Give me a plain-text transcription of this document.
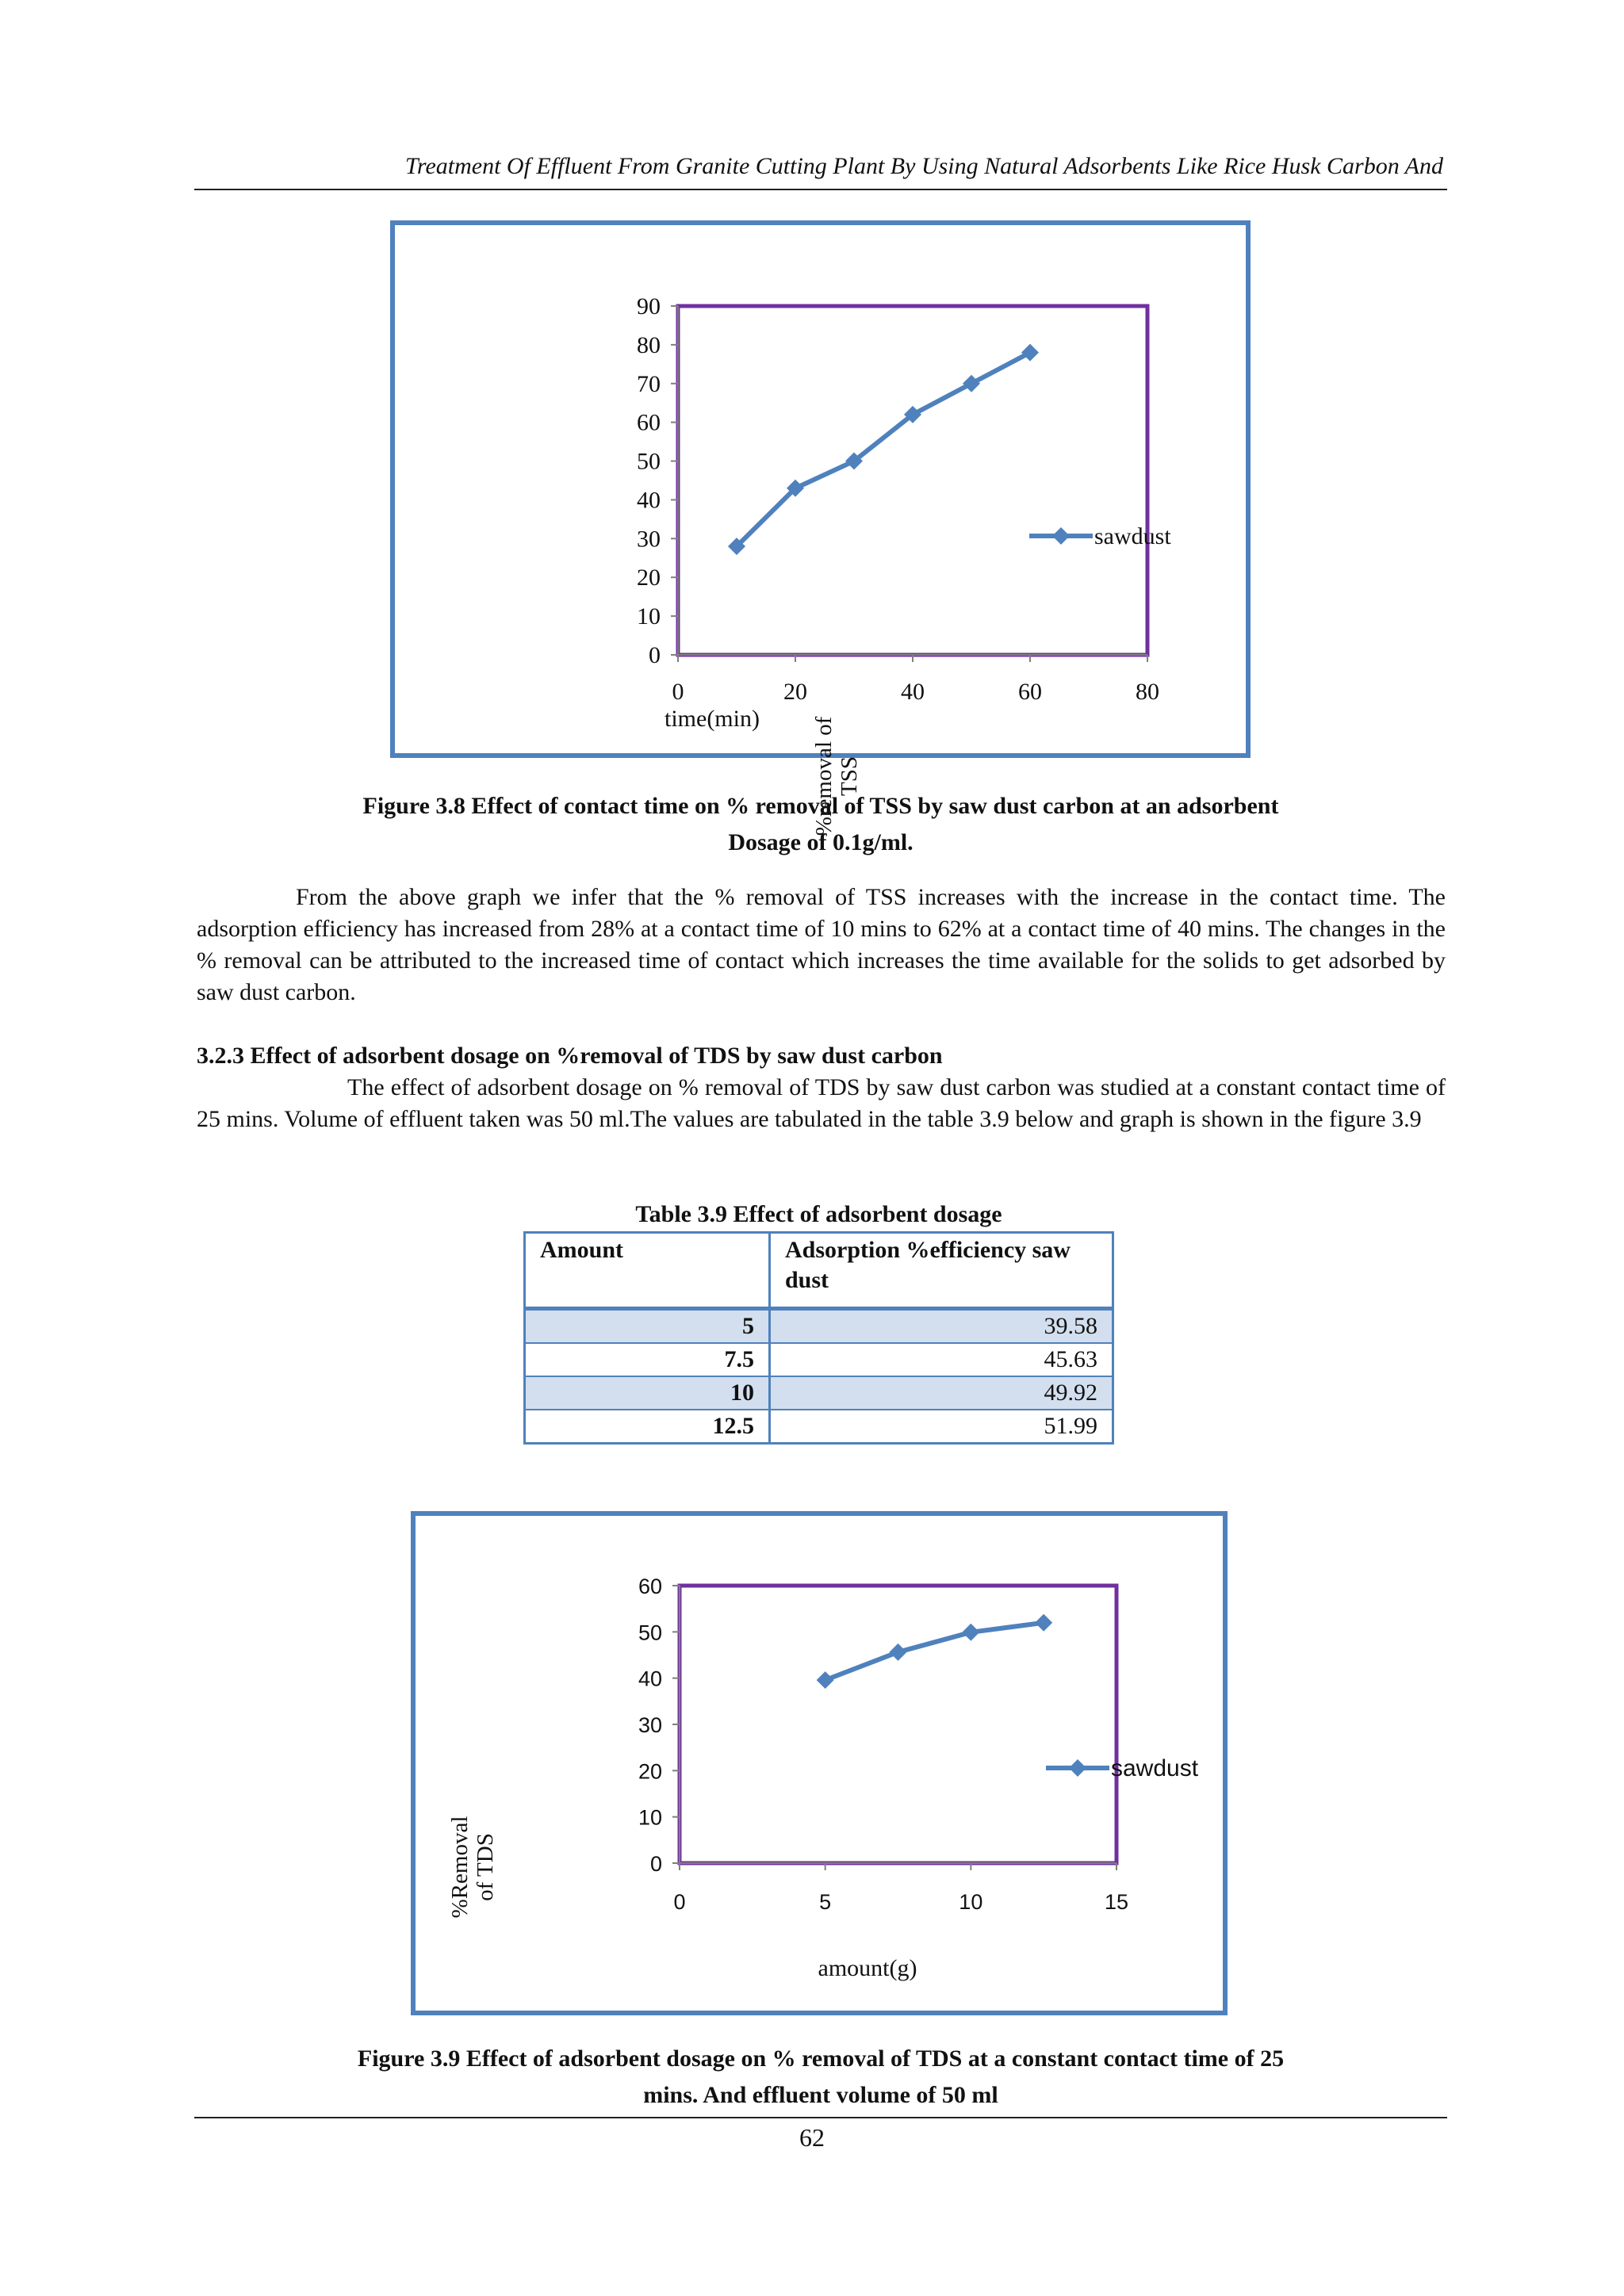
Treatment Of Effluent From Granite Cutting Plant By Using Natural Adsorbents Like Rice Husk Carbon And
%removal of
TSS
0
10
20
30
40
50
60
70
80
90
0	20	40	60	80
time(min)
sawdust
Figure 3.8 Effect of contact time on % removal of TSS by saw dust carbon at an adsorbent
Dosage of 0.1g/ml.
From the above graph we infer that the % removal of TSS increases with the increase in the contact time. The adsorption efficiency has increased from 28% at a contact time of 10 mins to 62% at a contact time of 40 mins. The changes in the % removal can be attributed to the increased time of contact which increases the time available for the solids to get adsorbed by saw dust carbon.
3.2.3 Effect of adsorbent dosage on %removal of TDS by saw dust carbon
The effect of adsorbent dosage on % removal of TDS by saw dust carbon was studied at a constant contact time of 25 mins. Volume of effluent taken was 50 ml.The values are tabulated in the table 3.9 below and graph is shown in the figure 3.9
Table 3.9 Effect of adsorbent dosage
Amount	Adsorption %efficiency saw dust
5	39.58
7.5	45.63
10	49.92
12.5	51.99
%Removal
of TDS	0
10
20
30
40
50
60
0	5	10	15
amount(g)
sawdust
Figure 3.9 Effect of adsorbent dosage on % removal of TDS at a constant contact time of 25
mins. And effluent volume of 50 ml
62
